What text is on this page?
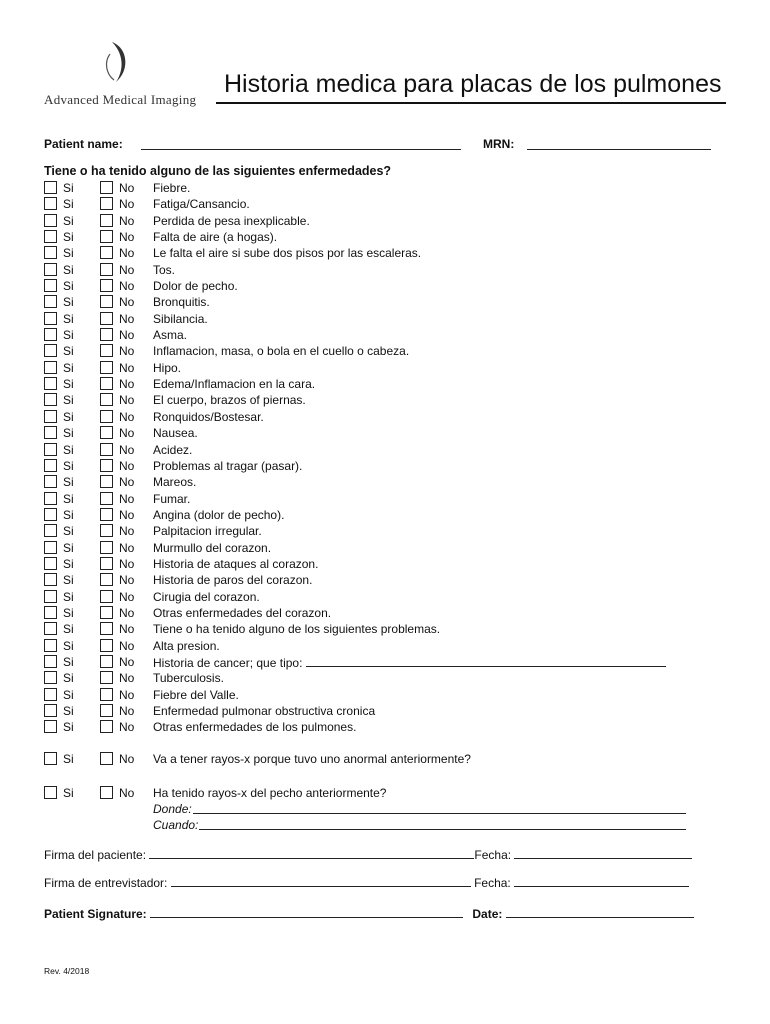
Advanced Medical Imaging
Historia medica para placas de los pulmones
Patient name:	MRN:
Tiene o ha tenido alguno de las siguientes enfermedades?
Si	No Fiebre.
Si	No Fatiga/Cansancio.
Si	No Perdida de pesa inexplicable.
Si	No Falta de aire (a hogas).
Si	No Le falta el aire si sube dos pisos por las escaleras.
Si	No Tos.
Si	No Dolor de pecho.
Si	No Bronquitis.
Si	No Sibilancia.
Si	No Asma.
Si	No Inflamacion, masa, o bola en el cuello o cabeza.
Si	No Hipo.
Si	No Edema/Inflamacion en la cara.
Si	No El cuerpo, brazos of piernas.
Si	No Ronquidos/Bostesar.
Si	No Nausea.
Si	No Acidez.
Si	No Problemas al tragar (pasar).
Si	No Mareos.
Si	No Fumar.
Si	No Angina (dolor de pecho).
Si	No Palpitacion irregular.
Si	No Murmullo del corazon.
Si	No Historia de ataques al corazon.
Si	No Historia de paros del corazon.
Si	No Cirugia del corazon.
Si	No Otras enfermedades del corazon.
Si	No Tiene o ha tenido alguno de los siguientes problemas.
Si	No Alta presion.
Si	No Historia de cancer; que tipo:
Si	No Tuberculosis.
Si	No Fiebre del Valle.
Si	No Enfermedad pulmonar obstructiva cronica
Si	No Otras enfermedades de los pulmones.
Si	No Va a tener rayos-x porque tuvo uno anormal anteriormente?
Si	No Ha tenido rayos-x del pecho anteriormente?
Donde:
Cuando:
Firma del paciente:	Fecha:
Firma de entrevistador:	Fecha:
Patient Signature:	Date:
Rev. 4/2018
